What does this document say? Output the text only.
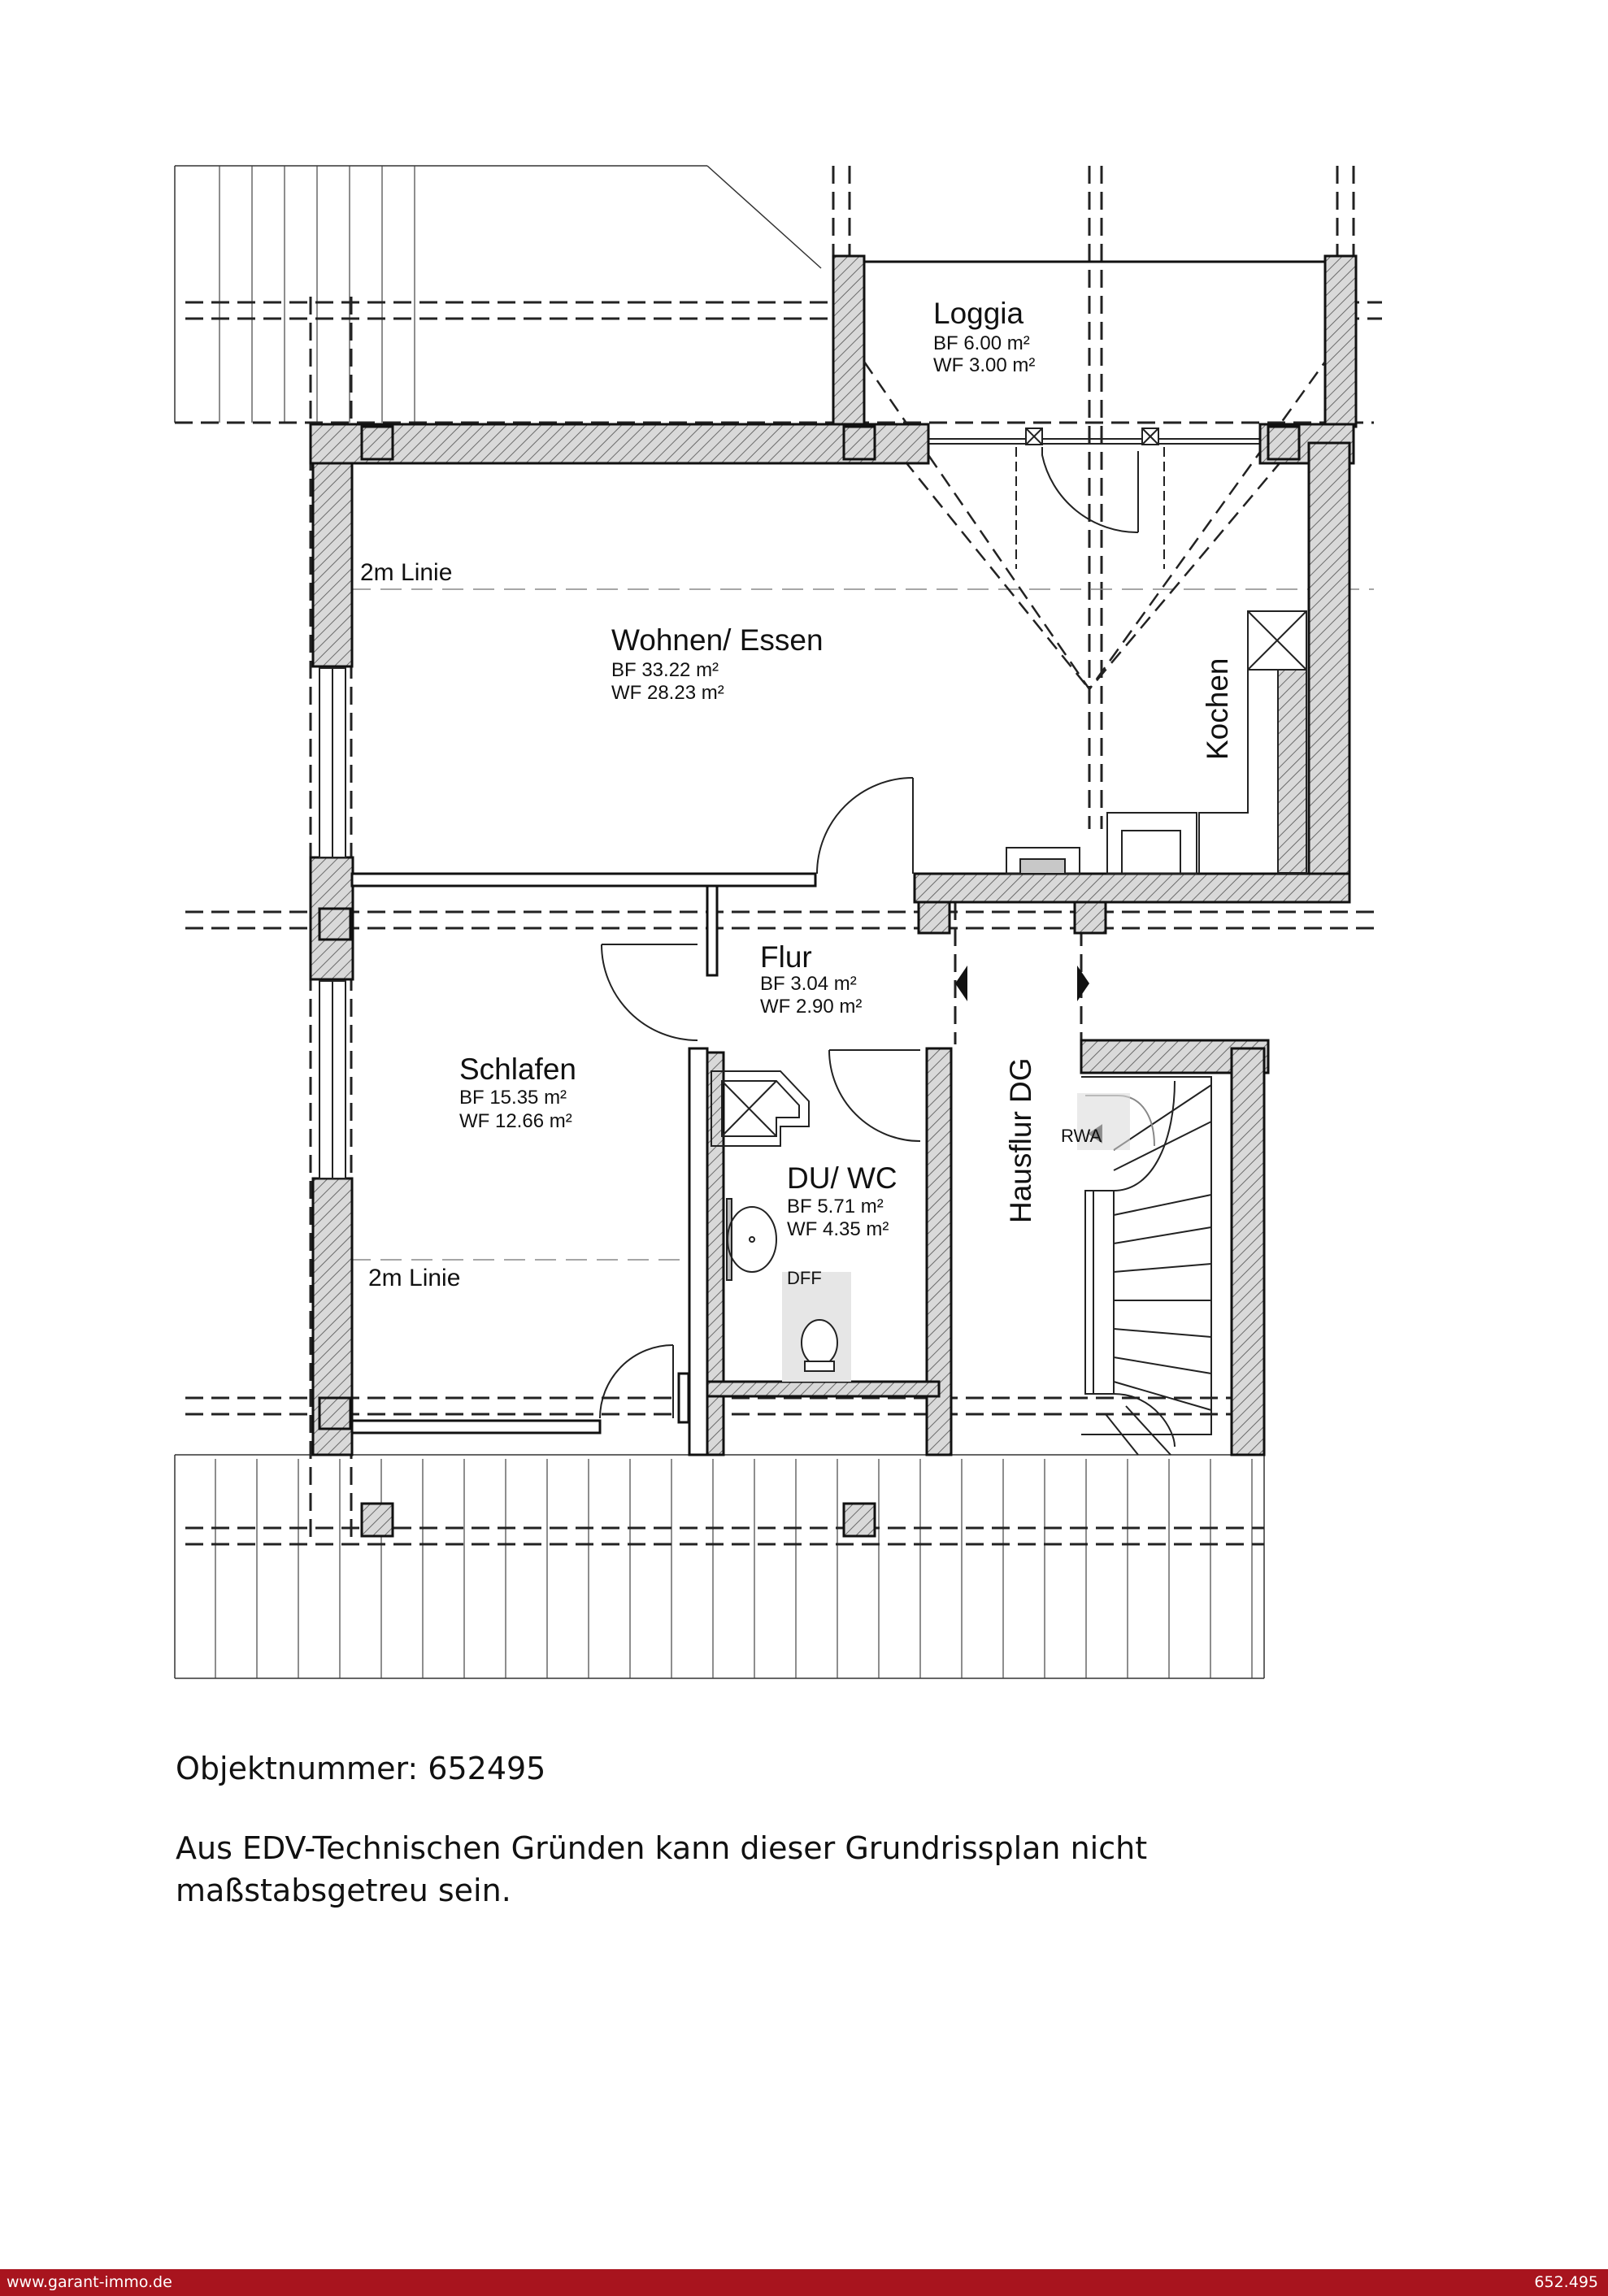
Loggia
BF 6.00 m²
WF 3.00 m²
Wohnen/ Essen
BF 33.22 m²
WF 28.23 m²
Flur
BF 3.04 m²
WF 2.90 m²
Schlafen
BF 15.35 m²
WF 12.66 m²
DU/ WC
BF 5.71 m²
WF 4.35 m²
2m Linie
2m Linie
Kochen
Hausflur DG RWA
DFF
Objektnummer: 652495
Aus EDV-Technischen Gründen kann dieser Grundrissplan nicht maßstabsgetreu sein.
www.garant-immo.de	652.495
